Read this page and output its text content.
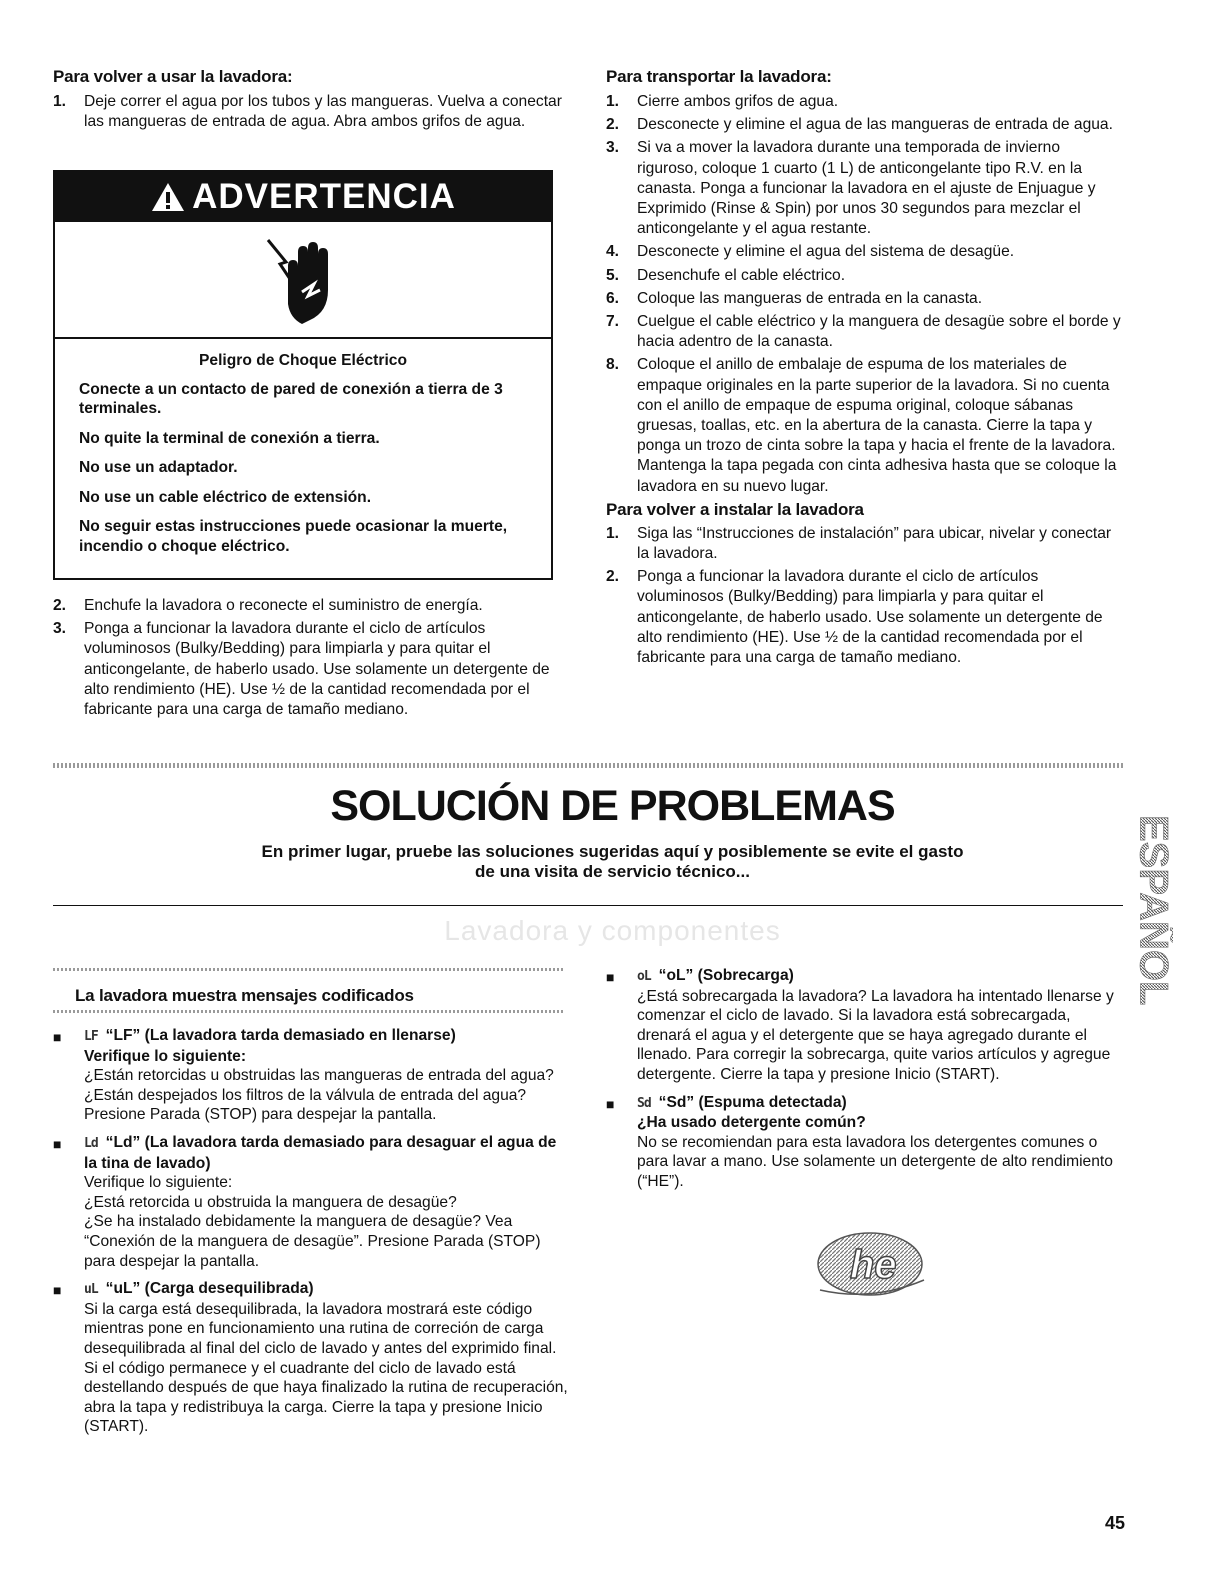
Para volver a usar la lavadora:
1. Deje correr el agua por los tubos y las mangueras. Vuelva a conectar las mangueras de entrada de agua. Abra ambos grifos de agua.
ADVERTENCIA

Peligro de Choque Eléctrico

Conecte a un contacto de pared de conexión a tierra de 3 terminales.

No quite la terminal de conexión a tierra.

No use un adaptador.

No use un cable eléctrico de extensión.

No seguir estas instrucciones puede ocasionar la muerte, incendio o choque eléctrico.

2. Enchufe la lavadora o reconecte el suministro de energía.
3. Ponga a funcionar la lavadora durante el ciclo de artículos voluminosos (Bulky/Bedding) para limpiarla y para quitar el anticongelante, de haberlo usado. Use solamente un detergente de alto rendimiento (HE). Use ½ de la cantidad recomendada por el fabricante para una carga de tamaño mediano.
Para transportar la lavadora:
1. Cierre ambos grifos de agua.
2. Desconecte y elimine el agua de las mangueras de entrada de agua.
3. Si va a mover la lavadora durante una temporada de invierno riguroso, coloque 1 cuarto (1 L) de anticongelante tipo R.V. en la canasta. Ponga a funcionar la lavadora en el ajuste de Enjuague y Exprimido (Rinse & Spin) por unos 30 segundos para mezclar el anticongelante y el agua restante.
4. Desconecte y elimine el agua del sistema de desagüe.
5. Desenchufe el cable eléctrico.
6. Coloque las mangueras de entrada en la canasta.
7. Cuelgue el cable eléctrico y la manguera de desagüe sobre el borde y hacia adentro de la canasta.
8. Coloque el anillo de embalaje de espuma de los materiales de empaque originales en la parte superior de la lavadora. Si no cuenta con el anillo de empaque de espuma original, coloque sábanas gruesas, toallas, etc. en la abertura de la canasta. Cierre la tapa y ponga un trozo de cinta sobre la tapa y hacia el frente de la lavadora. Mantenga la tapa pegada con cinta adhesiva hasta que se coloque la lavadora en su nuevo lugar.
Para volver a instalar la lavadora
1. Siga las “Instrucciones de instalación” para ubicar, nivelar y conectar la lavadora.
2. Ponga a funcionar la lavadora durante el ciclo de artículos voluminosos (Bulky/Bedding) para limpiarla y para quitar el anticongelante, de haberlo usado. Use solamente un detergente de alto rendimiento (HE). Use ½ de la cantidad recomendada por el fabricante para una carga de tamaño mediano.
SOLUCIÓN DE PROBLEMAS
En primer lugar, pruebe las soluciones sugeridas aquí y posiblemente se evite el gasto
de una visita de servicio técnico...
Lavadora y componentes
La lavadora muestra mensajes codificados
■ LF “LF” (La lavadora tarda demasiado en llenarse)
Verifique lo siguiente:
¿Están retorcidas u obstruidas las mangueras de entrada del agua?
¿Están despejados los filtros de la válvula de entrada del agua?
Presione Parada (STOP) para despejar la pantalla.
■ Ld “Ld” (La lavadora tarda demasiado para desaguar el agua de la tina de lavado)
Verifique lo siguiente:
¿Está retorcida u obstruida la manguera de desagüe?
¿Se ha instalado debidamente la manguera de desagüe? Vea “Conexión de la manguera de desagüe”. Presione Parada (STOP) para despejar la pantalla.
■ uL “uL” (Carga desequilibrada)
Si la carga está desequilibrada, la lavadora mostrará este código mientras pone en funcionamiento una rutina de correción de carga desequilibrada al final del ciclo de lavado y antes del exprimido final. Si el código permanece y el cuadrante del ciclo de lavado está destellando después de que haya finalizado la rutina de recuperación, abra la tapa y redistribuya la carga. Cierre la tapa y presione Inicio (START).
■ oL “oL” (Sobrecarga)
¿Está sobrecargada la lavadora? La lavadora ha intentado llenarse y comenzar el ciclo de lavado. Si la lavadora está sobrecargada, drenará el agua y el detergente que se haya agregado durante el llenado. Para corregir la sobrecarga, quite varios artículos y agregue detergente. Cierre la tapa y presione Inicio (START).
■ Sd “Sd” (Espuma detectada)
¿Ha usado detergente común?
No se recomiendan para esta lavadora los detergentes comunes o para lavar a mano. Use solamente un detergente de alto rendimiento (“HE”).
he
ESPAÑOL
45
